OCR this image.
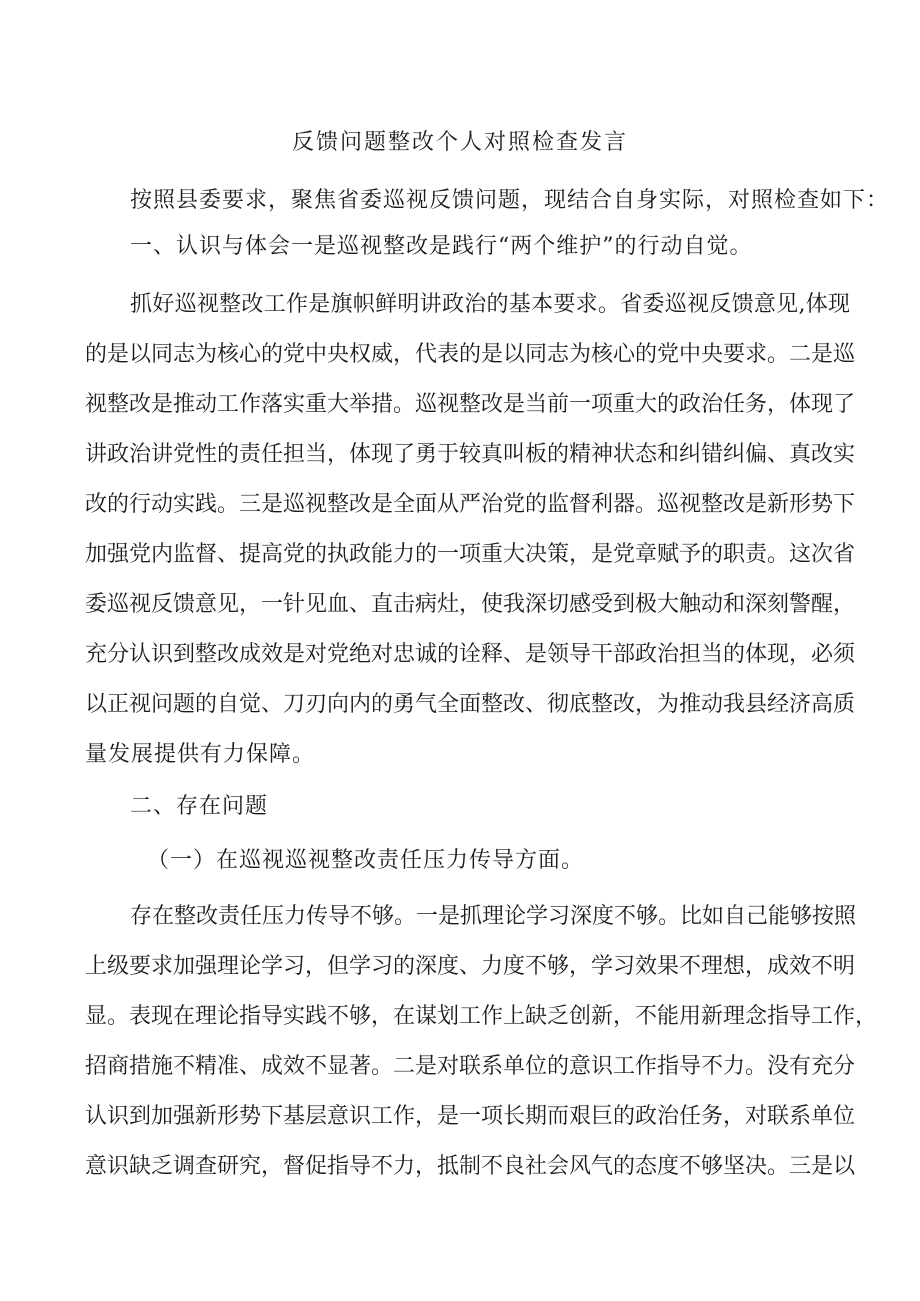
反馈问题整改个人对照检查发言
按照县委要求，聚焦省委巡视反馈问题，现结合自身实际，对照检查如下：
一、认识与体会一是巡视整改是践行“两个维护”的行动自觉。
抓好巡视整改工作是旗帜鲜明讲政治的基本要求。省委巡视反馈意见,体现
的是以同志为核心的党中央权威，代表的是以同志为核心的党中央要求。二是巡
视整改是推动工作落实重大举措。巡视整改是当前一项重大的政治任务，体现了
讲政治讲党性的责任担当，体现了勇于较真叫板的精神状态和纠错纠偏、真改实
改的行动实践。三是巡视整改是全面从严治党的监督利器。巡视整改是新形势下
加强党内监督、提高党的执政能力的一项重大决策，是党章赋予的职责。这次省
委巡视反馈意见，一针见血、直击病灶，使我深切感受到极大触动和深刻警醒，
充分认识到整改成效是对党绝对忠诚的诠释、是领导干部政治担当的体现，必须
以正视问题的自觉、刀刃向内的勇气全面整改、彻底整改，为推动我县经济高质
量发展提供有力保障。
二、存在问题
（一）在巡视巡视整改责任压力传导方面。
存在整改责任压力传导不够。一是抓理论学习深度不够。比如自己能够按照
上级要求加强理论学习，但学习的深度、力度不够，学习效果不理想，成效不明
显。表现在理论指导实践不够，在谋划工作上缺乏创新，不能用新理念指导工作，
招商措施不精准、成效不显著。二是对联系单位的意识工作指导不力。没有充分
认识到加强新形势下基层意识工作，是一项长期而艰巨的政治任务，对联系单位
意识缺乏调查研究，督促指导不力，抵制不良社会风气的态度不够坚决。三是以
